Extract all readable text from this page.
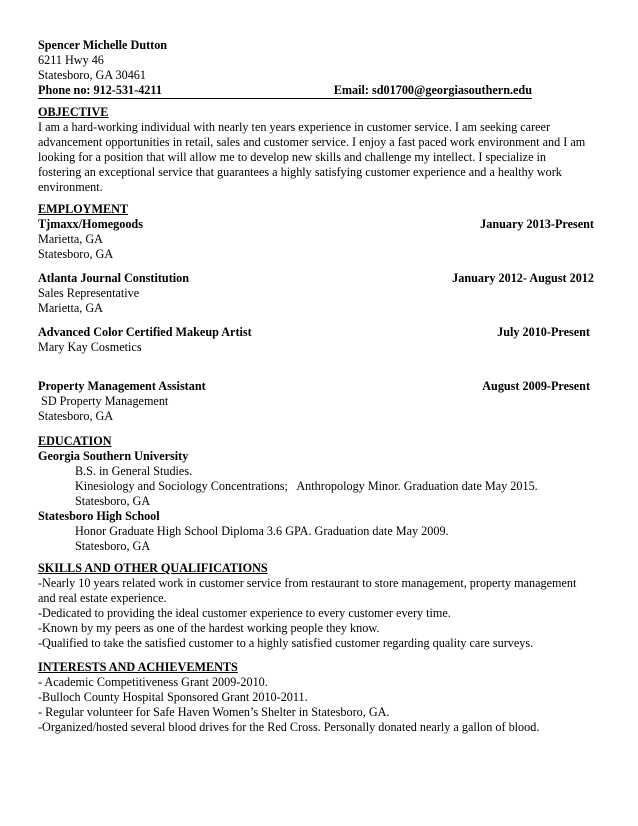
Spencer Michelle Dutton

6211 Hwy 46

Statesboro, GA 30461

Phone no: 912-531-4211	Email: sd01700@georgiasouthern.edu

OBJECTIVE

I am a hard-working individual with nearly ten years experience in customer service. I am seeking career

advancement opportunities in retail, sales and customer service. I enjoy a fast paced work environment and I am

looking for a position that will allow me to develop new skills and challenge my intellect. I specialize in

fostering an exceptional service that guarantees a highly satisfying customer experience and a healthy work

environment.

EMPLOYMENT

Tjmaxx/Homegoods	January 2013-Present

Marietta, GA

Statesboro, GA

Atlanta Journal Constitution	January 2012- August 2012

Sales Representative

Marietta, GA

Advanced Color Certified Makeup Artist	July 2010-Present

Mary Kay Cosmetics

Property Management Assistant	August 2009-Present

SD Property Management

Statesboro, GA

EDUCATION

Georgia Southern University

B.S. in General Studies.

Kinesiology and Sociology Concentrations;   Anthropology Minor. Graduation date May 2015.

Statesboro, GA

Statesboro High School

Honor Graduate High School Diploma 3.6 GPA. Graduation date May 2009.

Statesboro, GA

SKILLS AND OTHER QUALIFICATIONS

-Nearly 10 years related work in customer service from restaurant to store management, property management

and real estate experience.

-Dedicated to providing the ideal customer experience to every customer every time.

-Known by my peers as one of the hardest working people they know.

-Qualified to take the satisfied customer to a highly satisfied customer regarding quality care surveys.

INTERESTS AND ACHIEVEMENTS

- Academic Competitiveness Grant 2009-2010.

-Bulloch County Hospital Sponsored Grant 2010-2011.

- Regular volunteer for Safe Haven Women’s Shelter in Statesboro, GA.

-Organized/hosted several blood drives for the Red Cross. Personally donated nearly a gallon of blood.
